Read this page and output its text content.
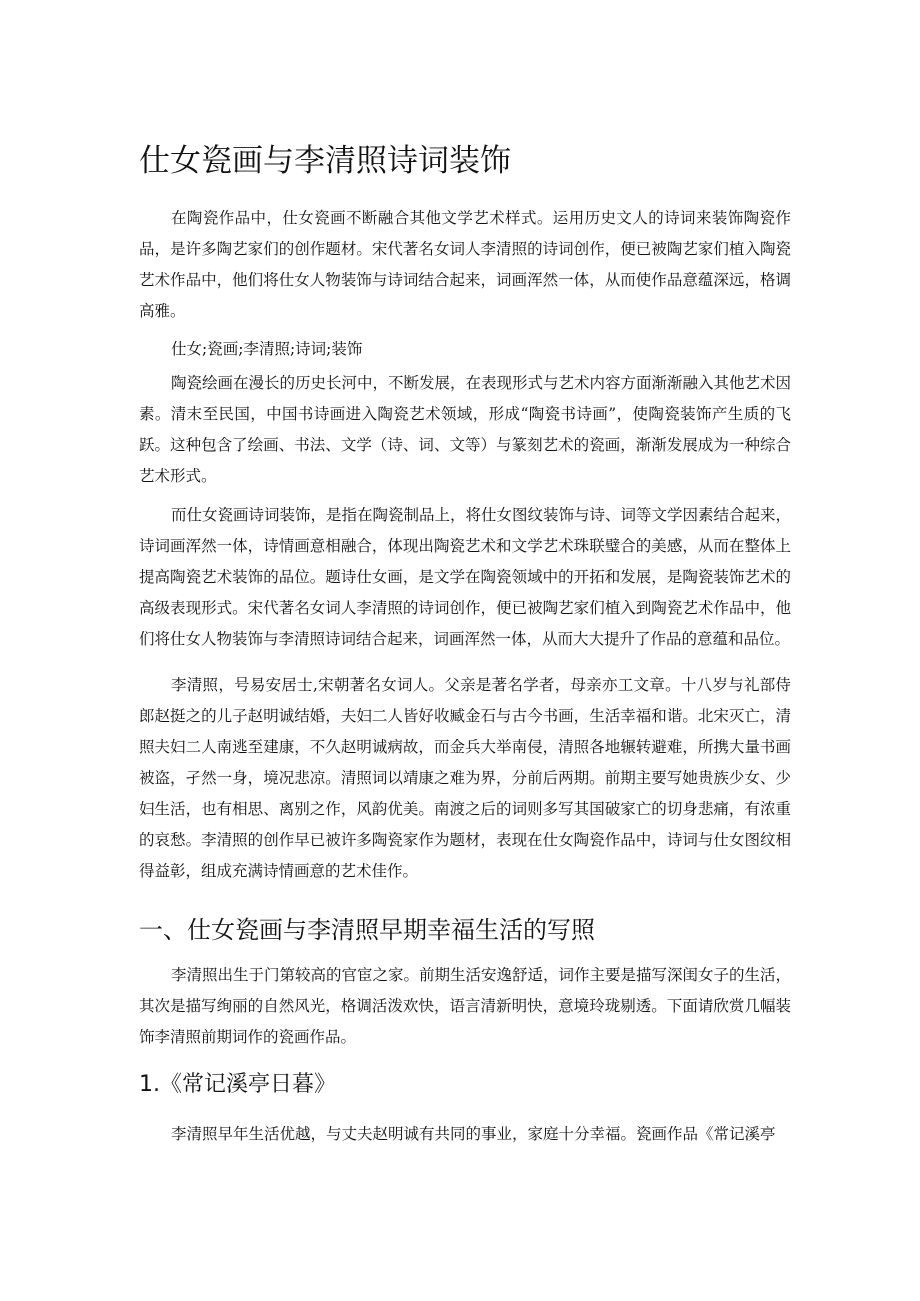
仕女瓷画与李清照诗词装饰

在陶瓷作品中，仕女瓷画不断融合其他文学艺术样式。运用历史文人的诗词来装饰陶瓷作品，是许多陶艺家们的创作题材。宋代著名女词人李清照的诗词创作，便已被陶艺家们植入陶瓷艺术作品中，他们将仕女人物装饰与诗词结合起来，词画浑然一体，从而使作品意蕴深远，格调高雅。

仕女;瓷画;李清照;诗词;装饰

陶瓷绘画在漫长的历史长河中，不断发展，在表现形式与艺术内容方面渐渐融入其他艺术因素。清末至民国，中国书诗画进入陶瓷艺术领域，形成“陶瓷书诗画”，使陶瓷装饰产生质的飞跃。这种包含了绘画、书法、文学（诗、词、文等）与篆刻艺术的瓷画，渐渐发展成为一种综合艺术形式。

而仕女瓷画诗词装饰，是指在陶瓷制品上，将仕女图纹装饰与诗、词等文学因素结合起来，诗词画浑然一体，诗情画意相融合，体现出陶瓷艺术和文学艺术珠联璧合的美感，从而在整体上提高陶瓷艺术装饰的品位。题诗仕女画，是文学在陶瓷领域中的开拓和发展，是陶瓷装饰艺术的高级表现形式。宋代著名女词人李清照的诗词创作，便已被陶艺家们植入到陶瓷艺术作品中，他们将仕女人物装饰与李清照诗词结合起来，词画浑然一体，从而大大提升了作品的意蕴和品位。

李清照，号易安居士,宋朝著名女词人。父亲是著名学者，母亲亦工文章。十八岁与礼部侍郎赵挺之的儿子赵明诚结婚，夫妇二人皆好收臧金石与古今书画，生活幸福和谐。北宋灭亡，清照夫妇二人南逃至建康，不久赵明诚病故，而金兵大举南侵，清照各地辗转避难，所携大量书画被盗，孑然一身，境况悲凉。清照词以靖康之难为界，分前后两期。前期主要写她贵族少女、少妇生活，也有相思、离别之作，风韵优美。南渡之后的词则多写其国破家亡的切身悲痛，有浓重的哀愁。李清照的创作早已被许多陶瓷家作为题材，表现在仕女陶瓷作品中，诗词与仕女图纹相得益彰，组成充满诗情画意的艺术佳作。

一、仕女瓷画与李清照早期幸福生活的写照

李清照出生于门第较高的官宦之家。前期生活安逸舒适，词作主要是描写深闺女子的生活，其次是描写绚丽的自然风光，格调活泼欢快，语言清新明快，意境玲珑剔透。下面请欣赏几幅装饰李清照前期词作的瓷画作品。

1.《常记溪亭日暮》

李清照早年生活优越，与丈夫赵明诚有共同的事业，家庭十分幸福。瓷画作品《常记溪亭
